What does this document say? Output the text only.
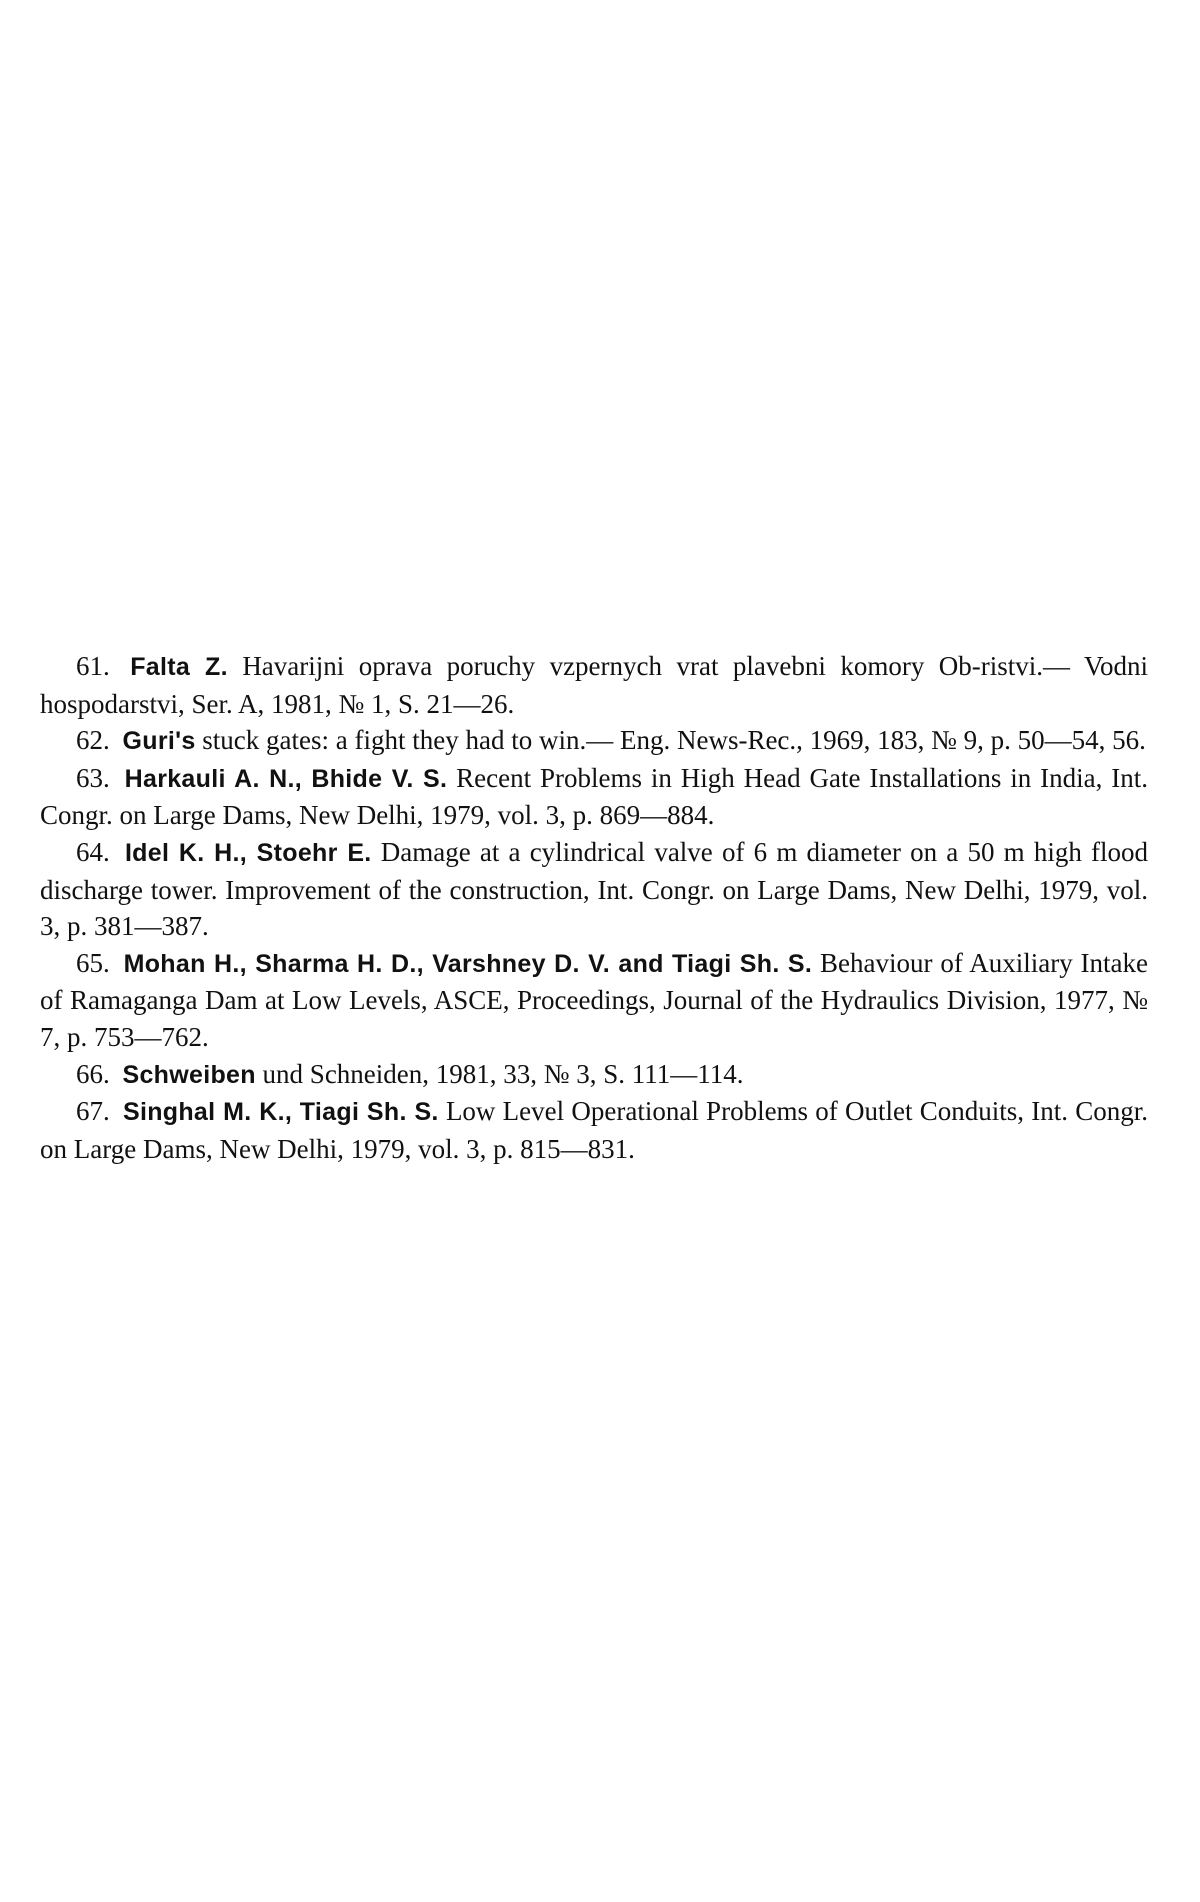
61. Falta Z. Havarijni oprava poruchy vzpernych vrat plavebni komory Ob-ristvi.— Vodni hospodarstvi, Ser. A, 1981, № 1, S. 21—26.

62. Guri's stuck gates: a fight they had to win.— Eng. News-Rec., 1969, 183, № 9, p. 50—54, 56.

63. Harkauli A. N., Bhide V. S. Recent Problems in High Head Gate Installations in India, Int. Congr. on Large Dams, New Delhi, 1979, vol. 3, p. 869—884.

64. Idel K. H., Stoehr E. Damage at a cylindrical valve of 6 m diameter on a 50 m high flood discharge tower. Improvement of the construction, Int. Congr. on Large Dams, New Delhi, 1979, vol. 3, p. 381—387.

65. Mohan H., Sharma H. D., Varshney D. V. and Tiagi Sh. S. Behaviour of Auxiliary Intake of Ramaganga Dam at Low Levels, ASCE, Proceedings, Journal of the Hydraulics Division, 1977, № 7, p. 753—762.

66. Schweiben und Schneiden, 1981, 33, № 3, S. 111—114.

67. Singhal M. K., Tiagi Sh. S. Low Level Operational Problems of Outlet Conduits, Int. Congr. on Large Dams, New Delhi, 1979, vol. 3, p. 815—831.
